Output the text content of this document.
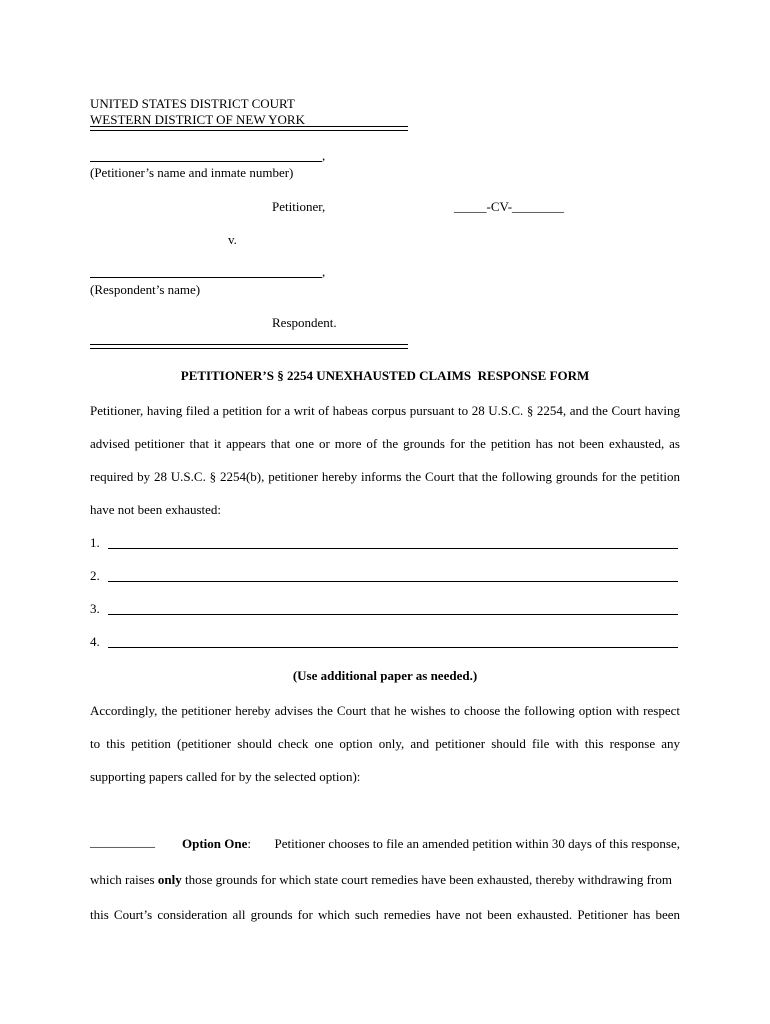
UNITED STATES DISTRICT COURT
WESTERN DISTRICT OF NEW YORK
,
(Petitioner’s name and inmate number)
Petitioner,	_____-CV-________
v.
,
(Respondent’s name)
Respondent.
PETITIONER’S § 2254 UNEXHAUSTED CLAIMS  RESPONSE FORM
Petitioner, having filed a petition for a writ of habeas corpus pursuant to 28 U.S.C. § 2254, and the Court having
advised petitioner that it appears that one or more of the grounds for the petition has not been exhausted, as
required by 28 U.S.C. § 2254(b), petitioner hereby informs the Court that the following grounds for the petition
have not been exhausted:
1.
2.
3.
4.
(Use additional paper as needed.)
Accordingly, the petitioner hereby advises the Court that he wishes to choose the following option with respect
to this petition (petitioner should check one option only, and petitioner should file with this response any
supporting papers called for by the selected option):
__________ Option One: Petitioner chooses to file an amended petition within 30 days of this response,
which raises only those grounds for which state court remedies have been exhausted, thereby withdrawing from
this Court’s consideration all grounds for which such remedies have not been exhausted. Petitioner has been
